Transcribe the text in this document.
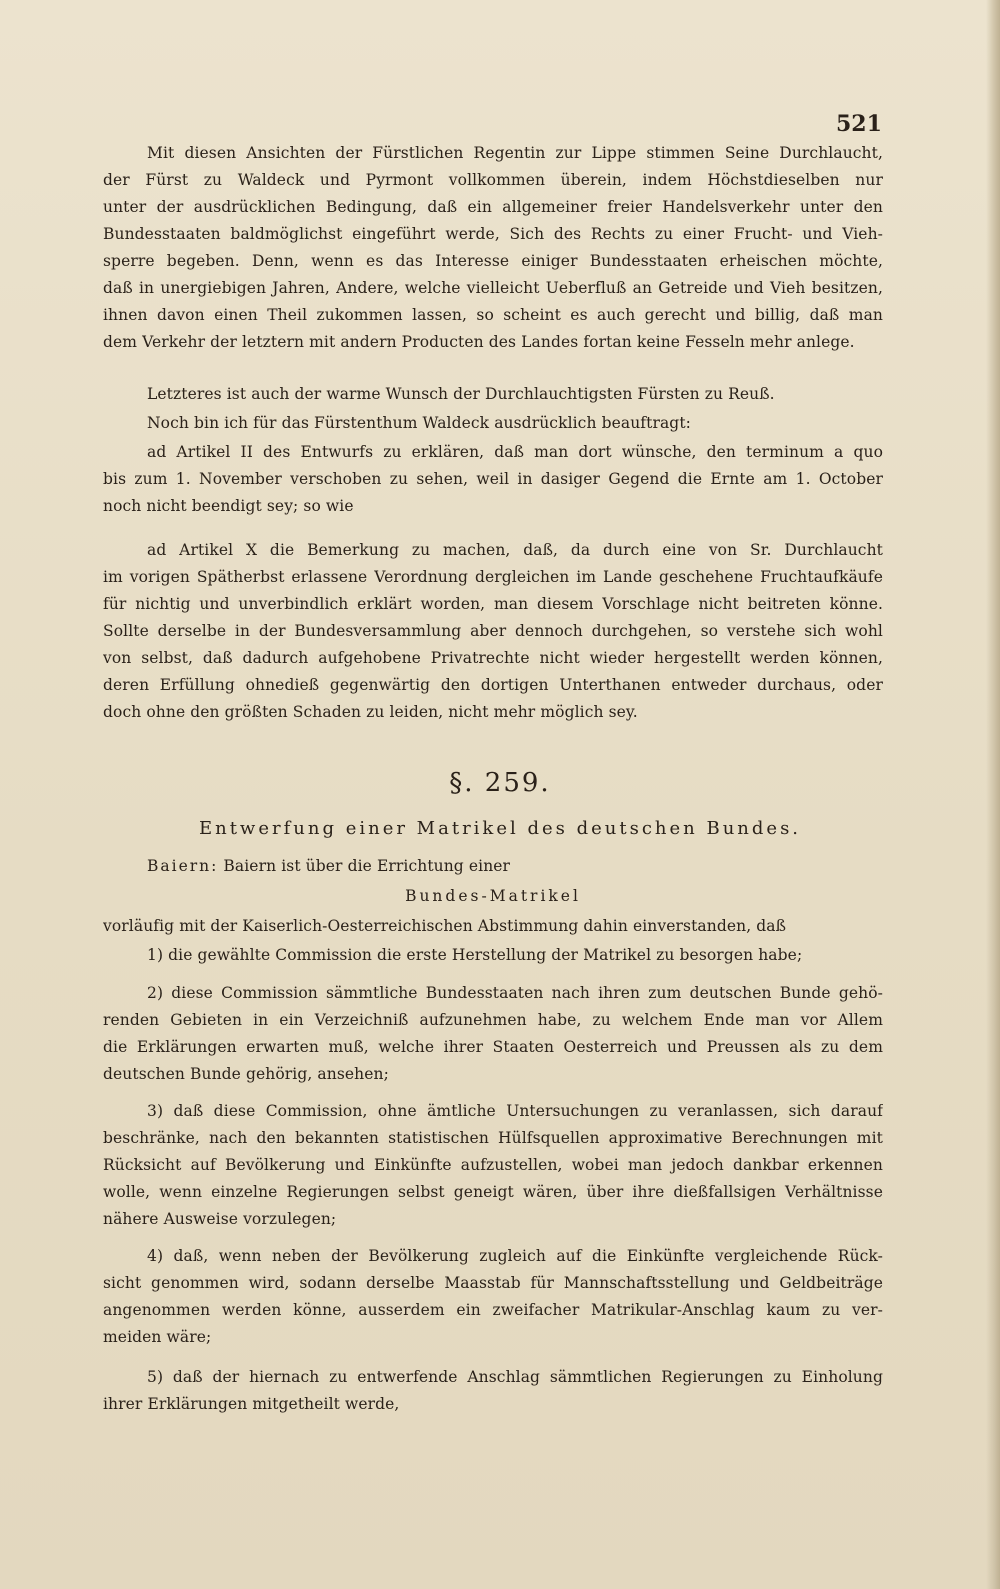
521
Mit diesen Ansichten der Fürstlichen Regentin zur Lippe stimmen Seine Durchlaucht,
der Fürst zu Waldeck und Pyrmont vollkommen überein, indem Höchstdieselben nur
unter der ausdrücklichen Bedingung, daß ein allgemeiner freier Handelsverkehr unter den
Bundesstaaten baldmöglichst eingeführt werde, Sich des Rechts zu einer Frucht- und Vieh-
sperre begeben. Denn, wenn es das Interesse einiger Bundesstaaten erheischen möchte,
daß in unergiebigen Jahren, Andere, welche vielleicht Ueberfluß an Getreide und Vieh besitzen,
ihnen davon einen Theil zukommen lassen, so scheint es auch gerecht und billig, daß man
dem Verkehr der letztern mit andern Producten des Landes fortan keine Fesseln mehr anlege.
Letzteres ist auch der warme Wunsch der Durchlauchtigsten Fürsten zu Reuß.
Noch bin ich für das Fürstenthum Waldeck ausdrücklich beauftragt:
ad Artikel II des Entwurfs zu erklären, daß man dort wünsche, den terminum a quo
bis zum 1. November verschoben zu sehen, weil in dasiger Gegend die Ernte am 1. October
noch nicht beendigt sey; so wie
ad Artikel X die Bemerkung zu machen, daß, da durch eine von Sr. Durchlaucht
im vorigen Spätherbst erlassene Verordnung dergleichen im Lande geschehene Fruchtaufkäufe
für nichtig und unverbindlich erklärt worden, man diesem Vorschlage nicht beitreten könne.
Sollte derselbe in der Bundesversammlung aber dennoch durchgehen, so verstehe sich wohl
von selbst, daß dadurch aufgehobene Privatrechte nicht wieder hergestellt werden können,
deren Erfüllung ohnedieß gegenwärtig den dortigen Unterthanen entweder durchaus, oder
doch ohne den größten Schaden zu leiden, nicht mehr möglich sey.
§. 259.
Entwerfung einer Matrikel des deutschen Bundes.
Baiern: Baiern ist über die Errichtung einer
Bundes-Matrikel
vorläufig mit der Kaiserlich-Oesterreichischen Abstimmung dahin einverstanden, daß
1) die gewählte Commission die erste Herstellung der Matrikel zu besorgen habe;
2) diese Commission sämmtliche Bundesstaaten nach ihren zum deutschen Bunde gehö-
renden Gebieten in ein Verzeichniß aufzunehmen habe, zu welchem Ende man vor Allem
die Erklärungen erwarten muß, welche ihrer Staaten Oesterreich und Preussen als zu dem
deutschen Bunde gehörig, ansehen;
3) daß diese Commission, ohne ämtliche Untersuchungen zu veranlassen, sich darauf
beschränke, nach den bekannten statistischen Hülfsquellen approximative Berechnungen mit
Rücksicht auf Bevölkerung und Einkünfte aufzustellen, wobei man jedoch dankbar erkennen
wolle, wenn einzelne Regierungen selbst geneigt wären, über ihre dießfallsigen Verhältnisse
nähere Ausweise vorzulegen;
4) daß, wenn neben der Bevölkerung zugleich auf die Einkünfte vergleichende Rück-
sicht genommen wird, sodann derselbe Maasstab für Mannschaftsstellung und Geldbeiträge
angenommen werden könne, ausserdem ein zweifacher Matrikular-Anschlag kaum zu ver-
meiden wäre;
5) daß der hiernach zu entwerfende Anschlag sämmtlichen Regierungen zu Einholung
ihrer Erklärungen mitgetheilt werde,
